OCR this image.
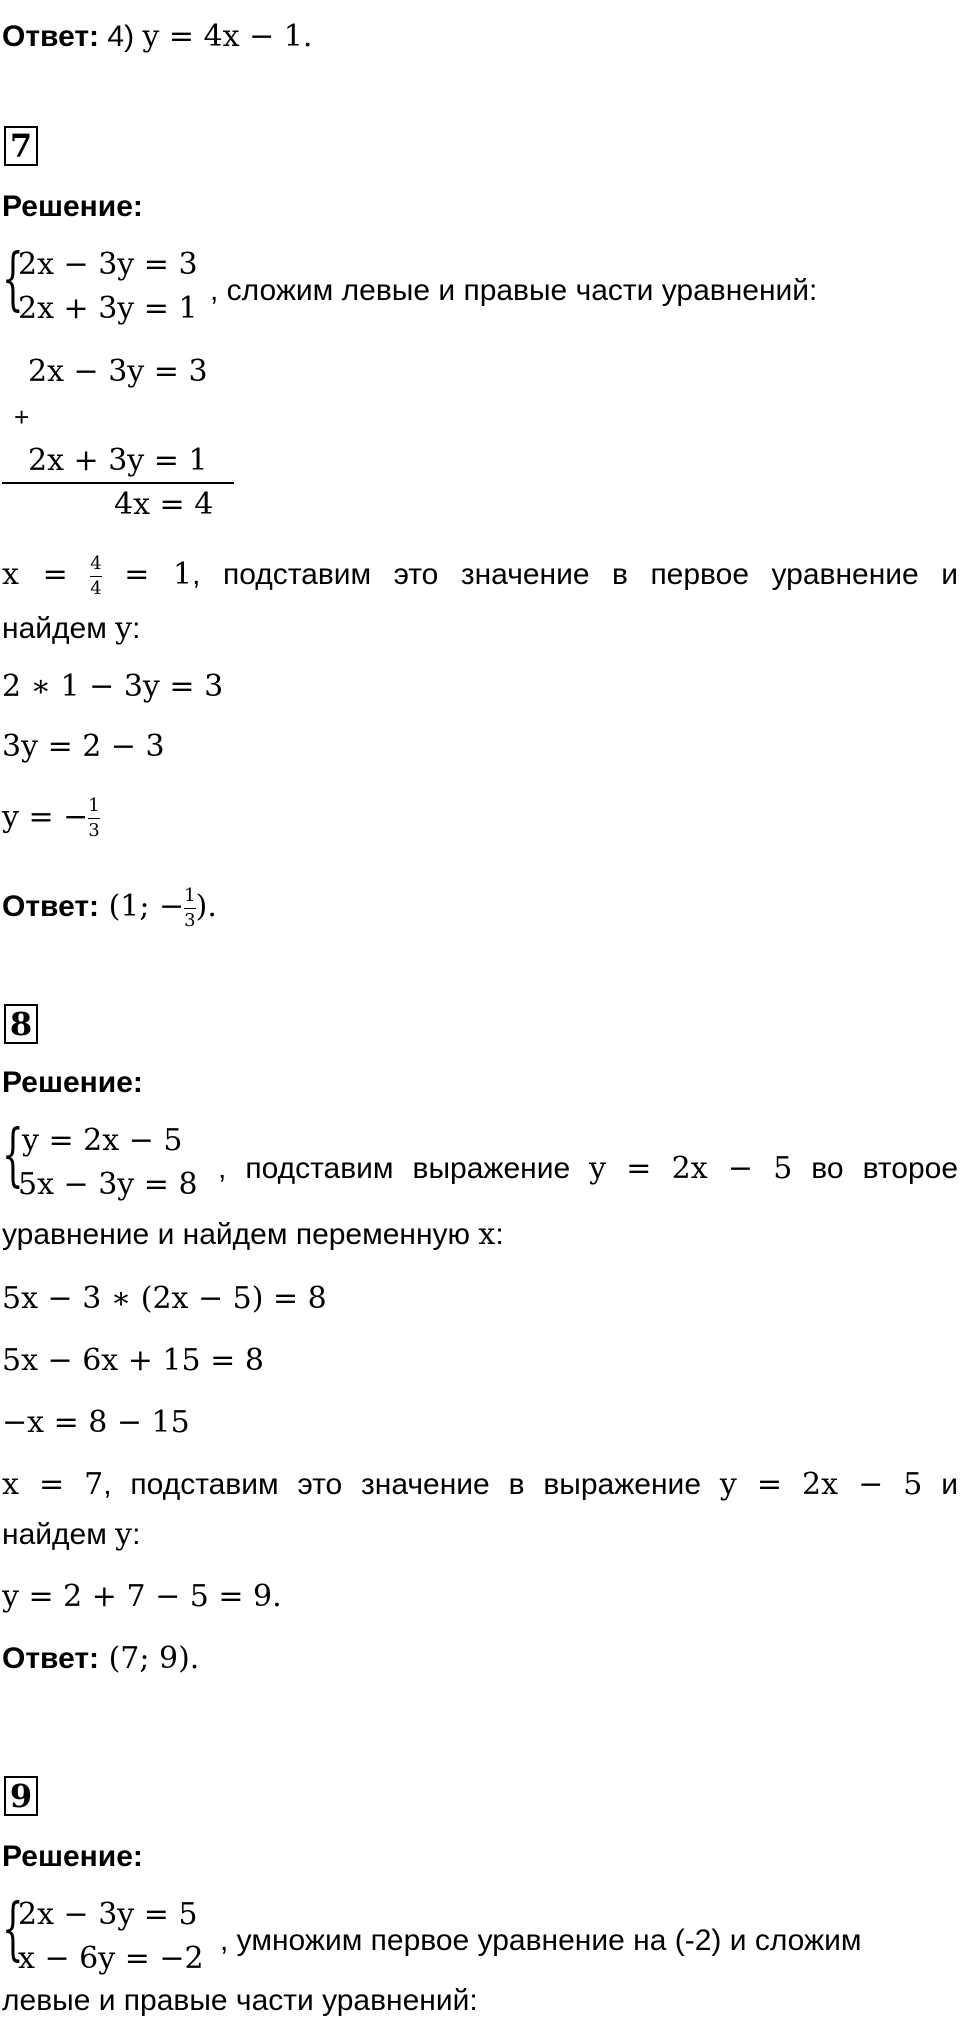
Ответ: 4) y = 4x − 1.
7
Решение:
{
2x − 3y = 3
2x + 3y = 1
, сложим левые и правые части уравнений:
2x − 3y = 3
+
2x + 3y = 1
4x = 4
$x = \frac{4}{4} = 1$, подставим это значение в первое уравнение и
найдем y:
2 ∗ 1 − 3y = 3
3y = 2 − 3
y = − $\frac{1}{3}$
Ответ: (1; − $\frac{1}{3}$ ).
8
Решение:
{
y = 2x − 5
5x − 3y = 8 , подставим выражение y = 2x − 5 во второе
уравнение и найдем переменную x:
5x − 3 ∗ (2x − 5) = 8
5x − 6x + 15 = 8
−x = 8 − 15
x = 7, подставим это значение в выражение y = 2x − 5 и
найдем y:
y = 2 + 7 − 5 = 9.
Ответ: (7; 9).
9
Решение:
{
2x − 3y = 5
x − 6y = −2
, умножим первое уравнение на (-2) и сложим
левые и правые части уравнений:
